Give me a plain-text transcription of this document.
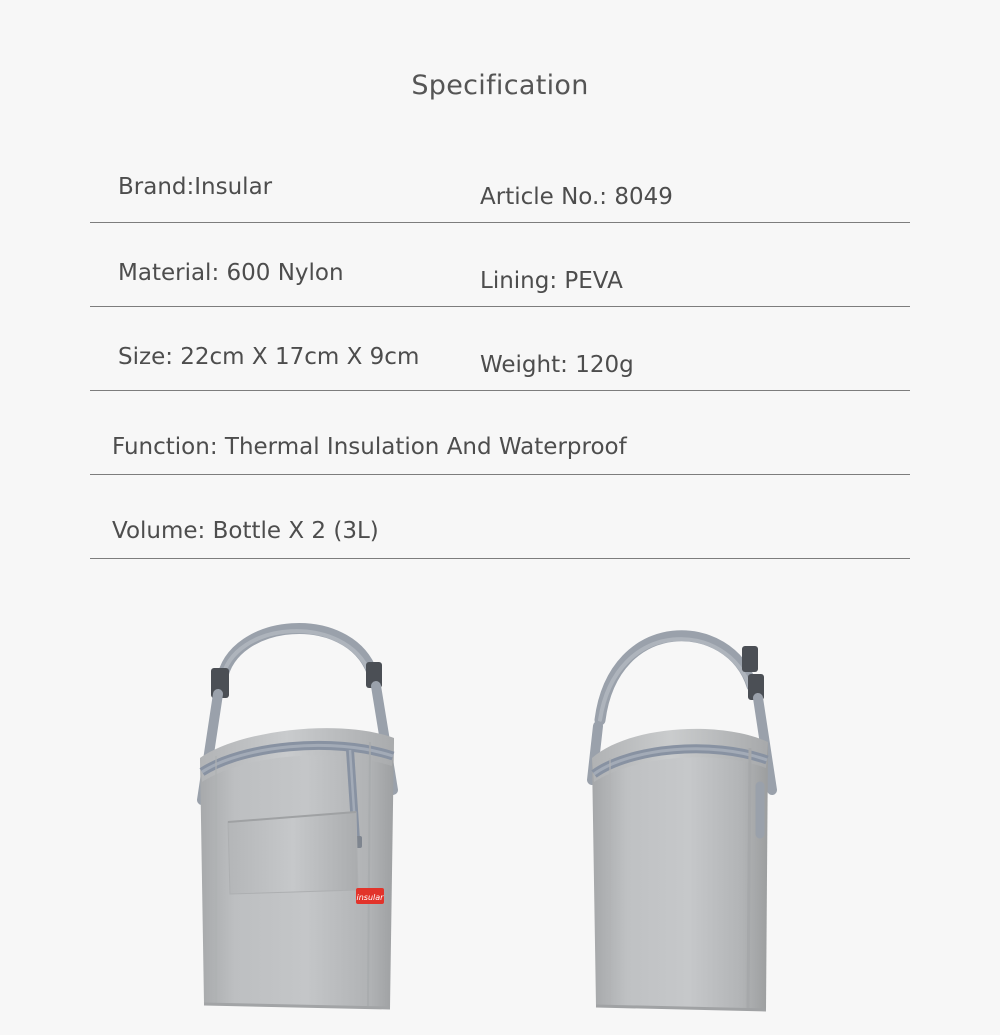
Specification
Brand:Insular	Article No.: 8049
Material: 600 Nylon	Lining: PEVA
Size: 22cm X 17cm X 9cm	Weight: 120g
Function: Thermal Insulation And Waterproof
Volume: Bottle X 2 (3L)
insular
